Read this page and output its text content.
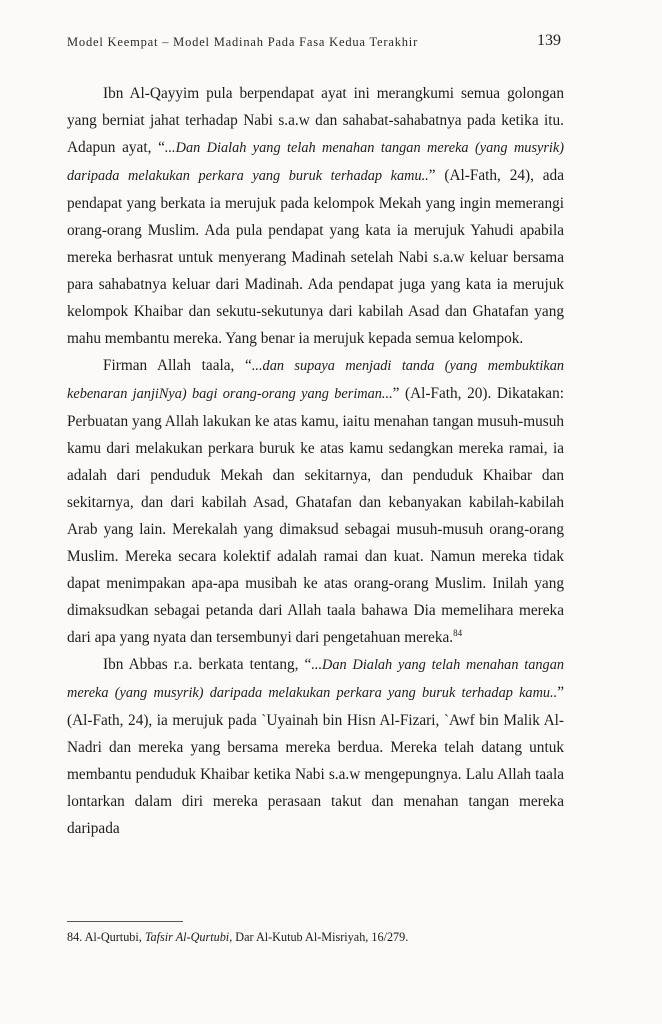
Model Keempat – Model Madinah Pada Fasa Kedua Terakhir	139

Ibn Al-Qayyim pula berpendapat ayat ini merangkumi semua golongan yang berniat jahat terhadap Nabi s.a.w dan sahabat-sahabatnya pada ketika itu. Adapun ayat, “...Dan Dialah yang telah menahan tangan mereka (yang musyrik) daripada melakukan perkara yang buruk terhadap kamu..” (Al-Fath, 24), ada pendapat yang berkata ia merujuk pada kelompok Mekah yang ingin memerangi orang-orang Muslim. Ada pula pendapat yang kata ia merujuk Yahudi apabila mereka berhasrat untuk menyerang Madinah setelah Nabi s.a.w keluar bersama para sahabatnya keluar dari Madinah. Ada pendapat juga yang kata ia merujuk kelompok Khaibar dan sekutu-sekutunya dari kabilah Asad dan Ghatafan yang mahu membantu mereka. Yang benar ia merujuk kepada semua kelompok.

Firman Allah taala, “...dan supaya menjadi tanda (yang membuktikan kebenaran janjiNya) bagi orang-orang yang beriman...” (Al-Fath, 20). Dikatakan: Perbuatan yang Allah lakukan ke atas kamu, iaitu menahan tangan musuh-musuh kamu dari melakukan perkara buruk ke atas kamu sedangkan mereka ramai, ia adalah dari penduduk Mekah dan sekitarnya, dan penduduk Khaibar dan sekitarnya, dan dari kabilah Asad, Ghatafan dan kebanyakan kabilah-kabilah Arab yang lain. Merekalah yang dimaksud sebagai musuh-musuh orang-orang Muslim. Mereka secara kolektif adalah ramai dan kuat. Namun mereka tidak dapat menimpakan apa-apa musibah ke atas orang-orang Muslim. Inilah yang dimaksudkan sebagai petanda dari Allah taala bahawa Dia memelihara mereka dari apa yang nyata dan tersembunyi dari pengetahuan mereka.$^{84}$

Ibn Abbas r.a. berkata tentang, “...Dan Dialah yang telah menahan tangan mereka (yang musyrik) daripada melakukan perkara yang buruk terhadap kamu..” (Al-Fath, 24), ia merujuk pada `Uyainah bin Hisn Al-Fizari, `Awf bin Malik Al-Nadri dan mereka yang bersama mereka berdua. Mereka telah datang untuk membantu penduduk Khaibar ketika Nabi s.a.w mengepungnya. Lalu Allah taala lontarkan dalam diri mereka perasaan takut dan menahan tangan mereka daripada

84. Al-Qurtubi, Tafsir Al-Qurtubi, Dar Al-Kutub Al-Misriyah, 16/279.
